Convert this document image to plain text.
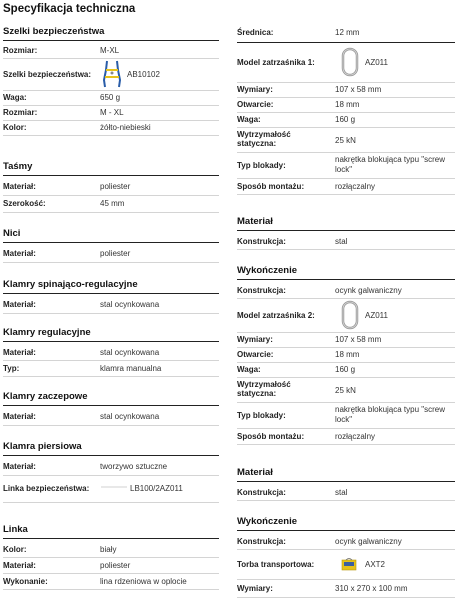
Specyfikacja techniczna
Szelki bezpieczeństwa
Rozmiar:	M-XL
Szelki bezpieczeństwa:	AB10102
Waga:	650 g
Rozmiar:	M - XL
Kolor:	żółto-niebieski
Taśmy
Materiał:	poliester
Szerokość:	45 mm
Nici
Materiał:	poliester
Klamry spinająco-regulacyjne
Materiał:	stal ocynkowana
Klamry regulacyjne
Materiał:	stal ocynkowana
Typ:	klamra manualna
Klamry zaczepowe
Materiał:	stal ocynkowana
Klamra piersiowa
Materiał:	tworzywo sztuczne
Linka bezpieczeństwa:	LB100/2AZ011
Linka
Kolor:	biały
Materiał:	poliester
Wykonanie:	lina rdzeniowa w oplocie
Średnica:	12 mm
Model zatrzaśnika 1:	AZ011
Wymiary:	107 x 58 mm
Otwarcie:	18 mm
Waga:	160 g
Wytrzymałość statyczna:	25 kN
Typ blokady:
nakrętka blokująca typu "screw lock"
Sposób montażu:	rozłączalny
Materiał
Konstrukcja:	stal
Wykończenie
Konstrukcja:	ocynk galwaniczny
Model zatrzaśnika 2:	AZ011
Wymiary:	107 x 58 mm
Otwarcie:	18 mm
Waga:	160 g
Wytrzymałość statyczna:	25 kN
Typ blokady:
nakrętka blokująca typu "screw lock"
Sposób montażu:	rozłączalny
Materiał
Konstrukcja:	stal
Wykończenie
Konstrukcja:	ocynk galwaniczny
Torba transportowa:	AXT2
Wymiary:	310 x 270 x 100 mm
